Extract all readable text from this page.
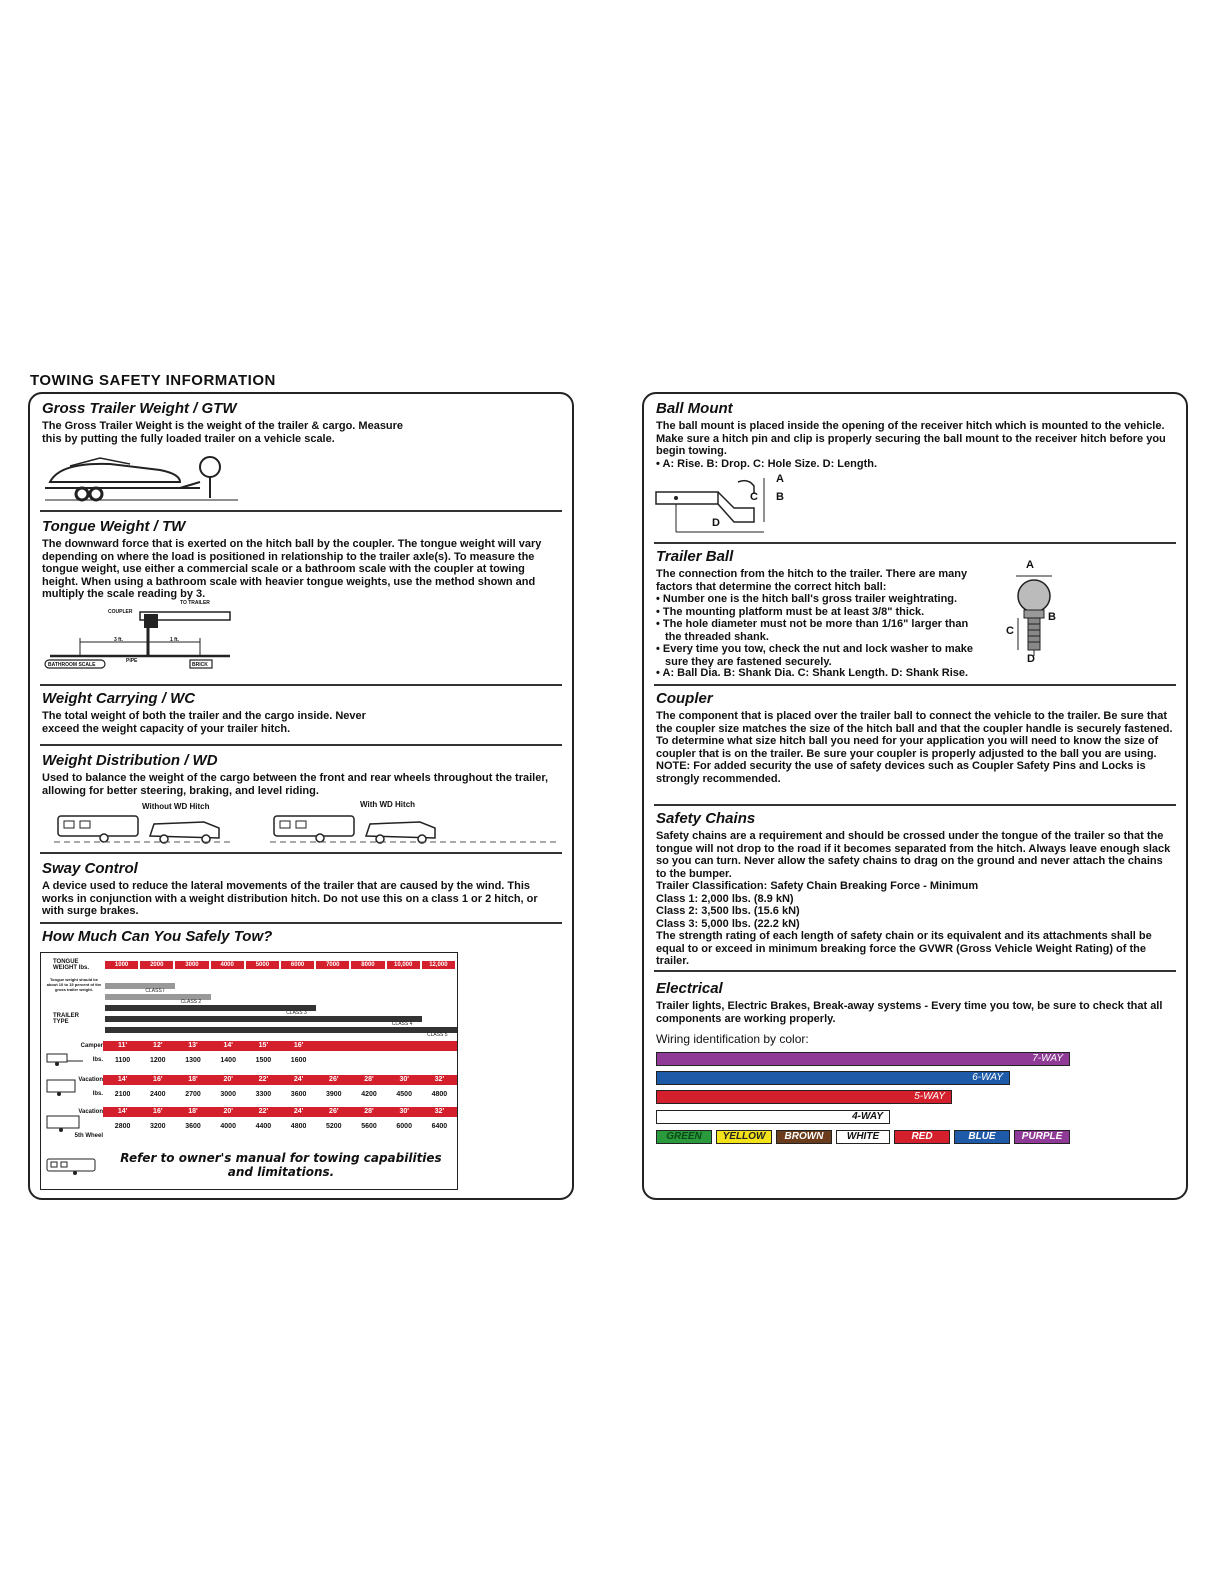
TOWING SAFETY INFORMATION
Gross Trailer Weight / GTW
The Gross Trailer Weight is the weight of the trailer & cargo. Measure this by putting the fully loaded trailer on a vehicle scale.
Tongue Weight / TW
The downward force that is exerted on the hitch ball by the coupler. The tongue weight will vary depending on where the load is positioned in relationship to the trailer axle(s). To measure the tongue weight, use either a commercial scale or a bathroom scale with the coupler at towing height. When using a bathroom scale with heavier tongue weights, use the method shown and multiply the scale reading by 3.
COUPLER
TO TRAILER
3 ft.	1 ft.
PIPE
BATHROOM SCALE	BRICK
Weight Carrying / WC
The total weight of both the trailer and the cargo inside. Never exceed the weight capacity of your trailer hitch.
Weight Distribution / WD
Used to balance the weight of the cargo between the front and rear wheels throughout the trailer, allowing for better steering, braking, and level riding.
Without WD Hitch	With WD Hitch
Sway Control
A device used to reduce the lateral movements of the trailer that are caused by the wind. This works in conjunction with a weight distribution hitch. Do not use this on a class 1 or 2 hitch, or with surge brakes.
How Much Can You Safely Tow?
TONGUE WEIGHT lbs.
Tongue weight should be about 10 to 15 percent of the gross trailer weight.
TRAILER TYPE
1000	2000	3000	4000	5000	6000	7000	8000	10,000	12,000
CLASS I
CLASS 2
CLASS 3
CLASS 4
CLASS 5
Camper
lbs.
11'	12'	13'	14'	15'	16'
1100	1200	1300	1400	1500	1600
Vacation
lbs.
14'	16'	18'	20'	22'	24'	26'	28'	30'	32'
2100	2400	2700	3000	3300	3600	3900	4200	4500	4800
Vacation	14'	16'	18'	20'	22'	24'	26'	28'	30'	32'
2800	3200	3600	4000	4400	4800	5200	5600	6000	6400
5th Wheel
Refer to owner's manual for towing capabilities and limitations.
Ball Mount
The ball mount is placed inside the opening of the receiver hitch which is mounted to the vehicle. Make sure a hitch pin and clip is properly securing the ball mount to the receiver hitch before you begin towing.
• A: Rise. B: Drop. C: Hole Size. D: Length.
A
B
C
D
Trailer Ball
The connection from the hitch to the trailer. There are many factors that determine the correct hitch ball:
• Number one is the hitch ball's gross trailer weightrating.
• The mounting platform must be at least 3/8" thick.
• The hole diameter must not be more than 1/16" larger than the threaded shank.
• Every time you tow, check the nut and lock washer to make sure they are fastened securely.
• A: Ball Dia. B: Shank Dia. C: Shank Length. D: Shank Rise.
A
B
C
D
Coupler
The component that is placed over the trailer ball to connect the vehicle to the trailer. Be sure that the coupler size matches the size of the hitch ball and that the coupler handle is securely fastened. To determine what size hitch ball you need for your application you will need to know the size of coupler that is on the trailer. Be sure your coupler is properly adjusted to the ball you are using.
NOTE: For added security the use of safety devices such as Coupler Safety Pins and Locks is strongly recommended.
Safety Chains
Safety chains are a requirement and should be crossed under the tongue of the trailer so that the tongue will not drop to the road if it becomes separated from the hitch. Always leave enough slack so you can turn. Never allow the safety chains to drag on the ground and never attach the chains to the bumper.
Trailer Classification: Safety Chain Breaking Force - Minimum
Class 1: 2,000 lbs. (8.9 kN)
Class 2: 3,500 lbs. (15.6 kN)
Class 3: 5,000 lbs. (22.2 kN)
The strength rating of each length of safety chain or its equivalent and its attachments shall be equal to or exceed in minimum breaking force the GVWR (Gross Vehicle Weight Rating) of the trailer.
Electrical
Trailer lights, Electric Brakes, Break-away systems - Every time you tow, be sure to check that all components are working properly.
Wiring identification by color:
7-WAY
6-WAY
5-WAY
4-WAY
GREEN	YELLOW	BROWN	WHITE	RED	BLUE	PURPLE
